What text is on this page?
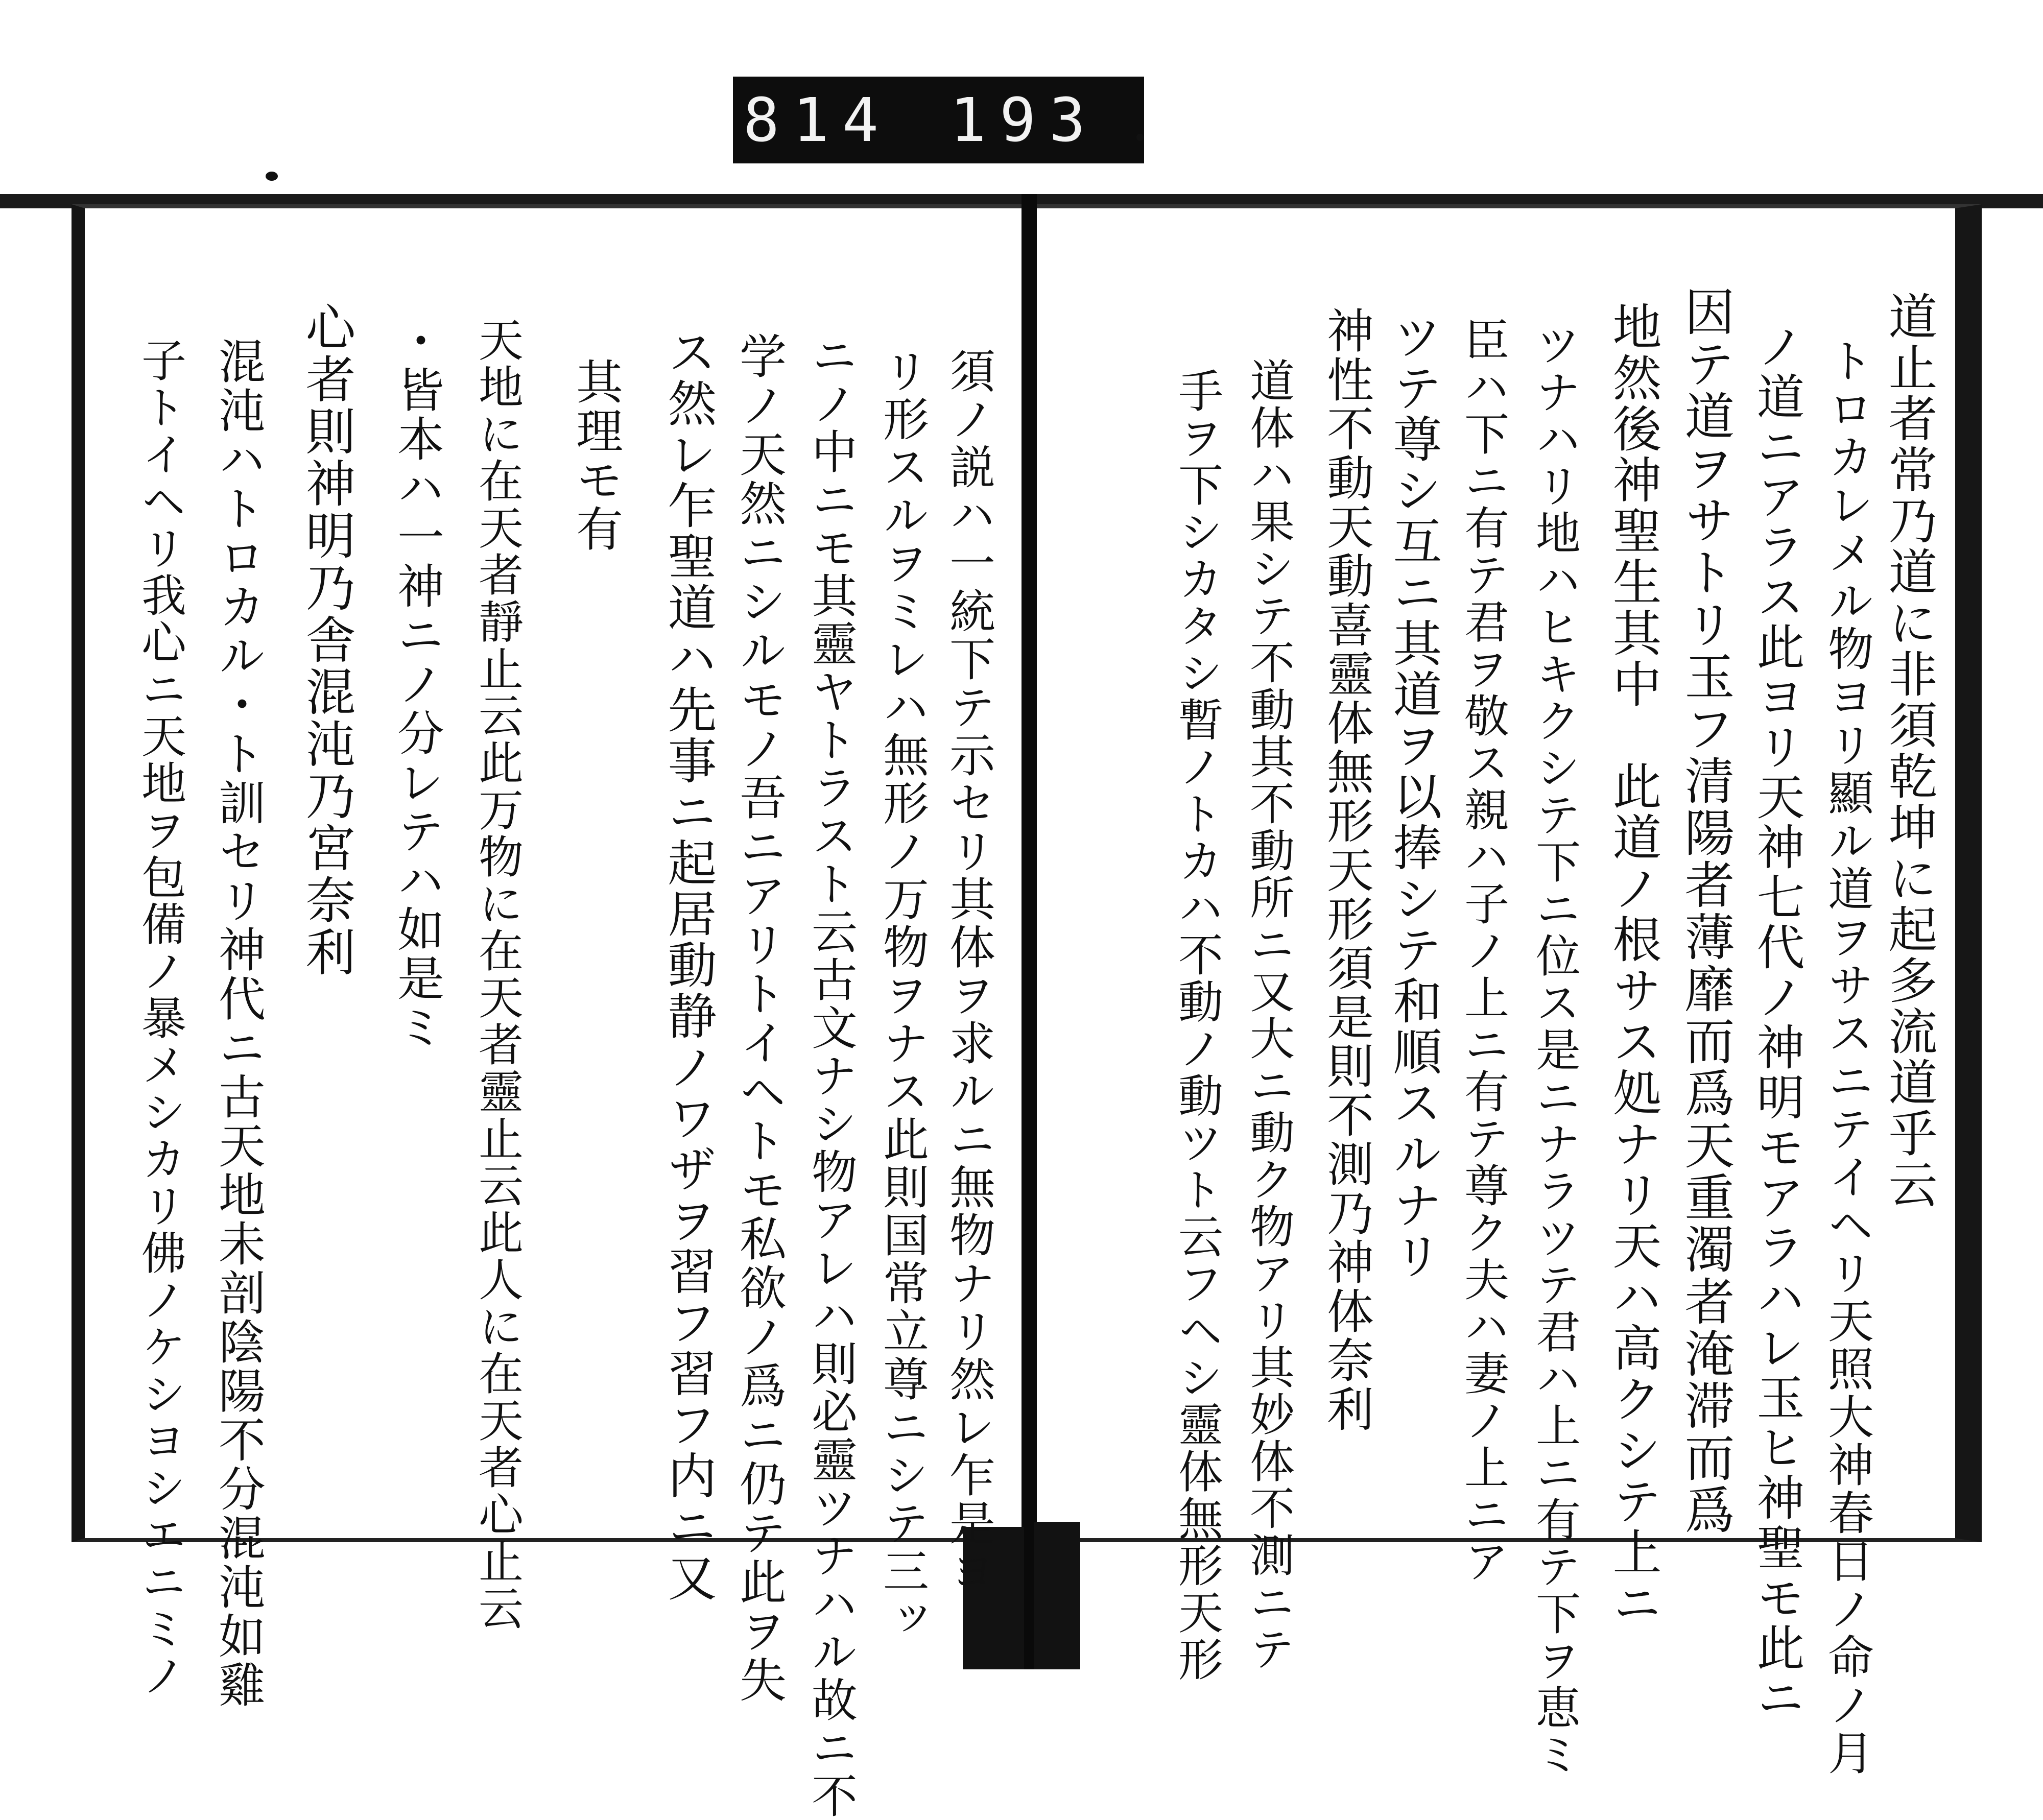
814 193
道止者常乃道に非須乾坤に起多流道乎云
トロカレメル物ヨリ顯ル道ヲサスニテイヘリ天照大神春日ノ命ノ月
ノ道ニアラス此ヨリ天神七代ノ神明モアラハレ玉ヒ神聖モ此ニ
因テ道ヲサトリ玉フ清陽者薄靡而爲天重濁者淹滞而爲
地然後神聖生其中　此道ノ根サス処ナリ天ハ高クシテ上ニ
ツナハリ地ハヒキクシテ下ニ位ス是ニナラツテ君ハ上ニ有テ下ヲ恵ミ
臣ハ下ニ有テ君ヲ敬ス親ハ子ノ上ニ有テ尊ク夫ハ妻ノ上ニア
ツテ尊シ互ニ其道ヲ以捧シテ和順スルナリ
神性不動天動喜靈体無形天形須是則不測乃神体奈利
道体ハ果シテ不動其不動所ニ又大ニ動ク物アリ其妙体不測ニテ
手ヲ下シカタシ暫ノトカハ不動ノ動ツト云フヘシ靈体無形天形
須ノ説ハ一統下テ示セリ其体ヲ求ルニ無物ナリ然レ乍是ヨ
リ形スルヲミレハ無形ノ万物ヲナス此則国常立尊ニシテ三ッ
ニノ中ニモ其靈ヤトラスト云古文ナシ物アレハ則必靈ツナハル故ニ不
学ノ天然ニシルモノ吾ニアリトイヘトモ私欲ノ爲ニ仍テ此ヲ失
ス然レ乍聖道ハ先事ニ起居動静ノワザヲ習フ習フ内ニ又
其理モ有
・皆本ハ一神ニノ分レテハ如是ミ 天地に在天者靜止云此万物に在天者靈止云此人に在天者心止云
心者則神明乃舎混沌乃宮奈利
混沌ハトロカル・ト訓セリ神代ニ古天地未剖陰陽不分混沌如雞
子トイヘリ我心ニ天地ヲ包備ノ暴メシカリ佛ノケシヨシエニミノ
